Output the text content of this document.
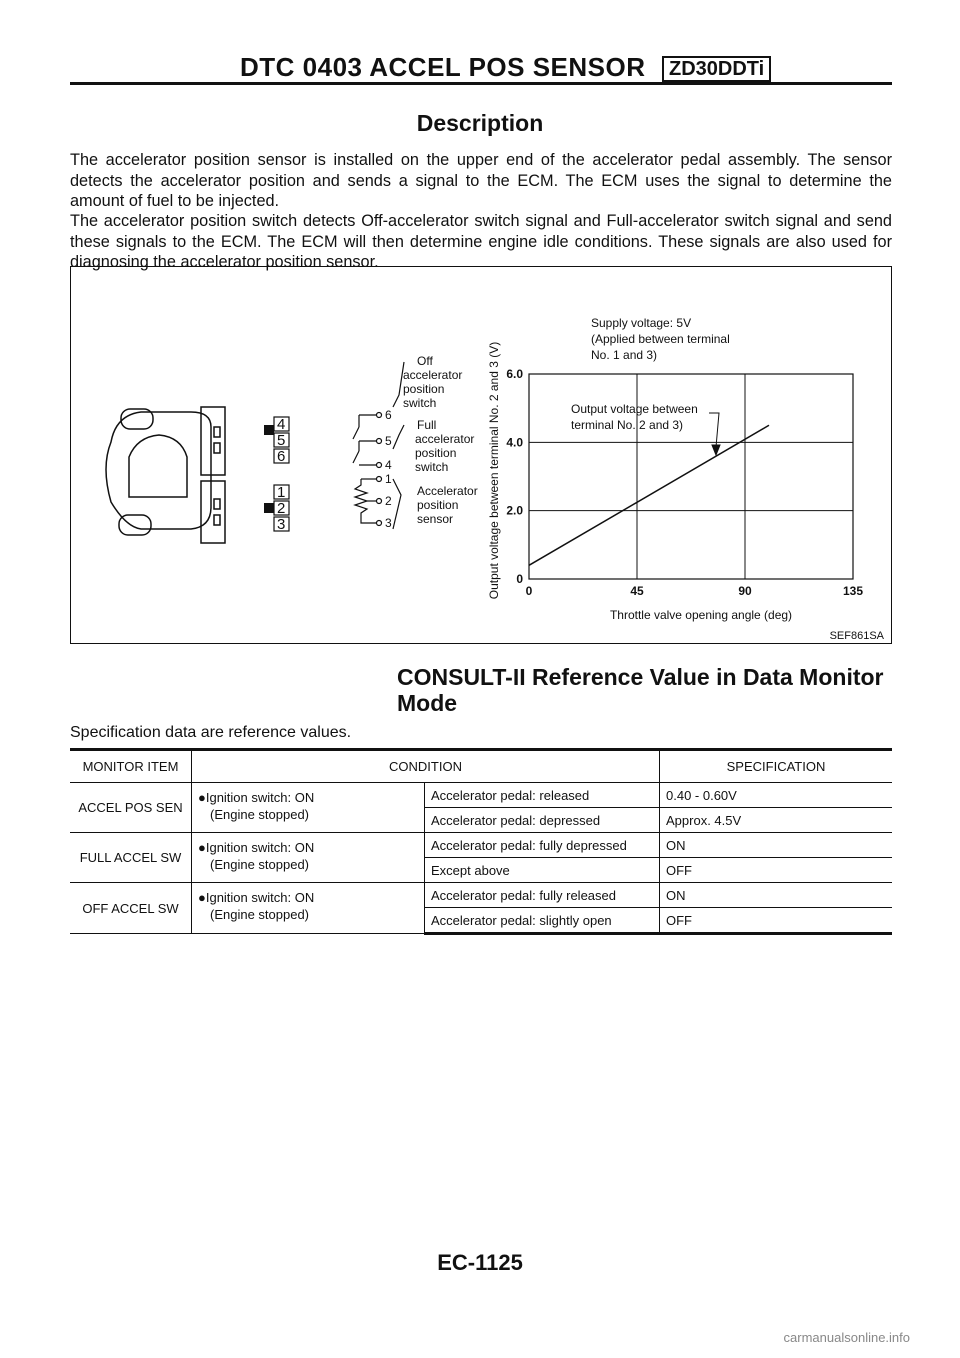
DTC 0403 ACCEL POS SENSOR	ZD30DDTi
Description
The accelerator position sensor is installed on the upper end of the accelerator pedal assembly. The sensor detects the accelerator position and sends a signal to the ECM. The ECM uses the signal to determine the amount of fuel to be injected.
The accelerator position switch detects Off-accelerator switch signal and Full-accelerator switch signal and send these signals to the ECM. The ECM will then determine engine idle conditions. These signals are also used for diagnosing the accelerator position sensor.
4
5
6
1
2
3
6
5
4
1
2
3
Off
accelerator
position
switch
Full
accelerator
position
switch
Accelerator
position
sensor
0	45	90	135
0
2.0
4.0
6.0
Throttle valve opening angle (deg)
Output voltage between terminal No. 2 and 3 (V)
Supply voltage: 5V
(Applied between terminal
No. 1 and 3)
Output voltage between
terminal No. 2 and 3)
SEF861SA
CONSULT-II Reference Value in Data Monitor
Mode
Specification data are reference values.
MONITOR ITEM	CONDITION		SPECIFICATION
ACCEL POS SEN	●Ignition switch: ON
(Engine stopped)	Accelerator pedal: released	0.40 - 0.60V
		Accelerator pedal: depressed	Approx. 4.5V
FULL ACCEL SW	●Ignition switch: ON
(Engine stopped)	Accelerator pedal: fully depressed	ON
		Except above	OFF
OFF ACCEL SW	●Ignition switch: ON
(Engine stopped)	Accelerator pedal: fully released	ON
		Accelerator pedal: slightly open	OFF
EC-1125
carmanualsonline.info
